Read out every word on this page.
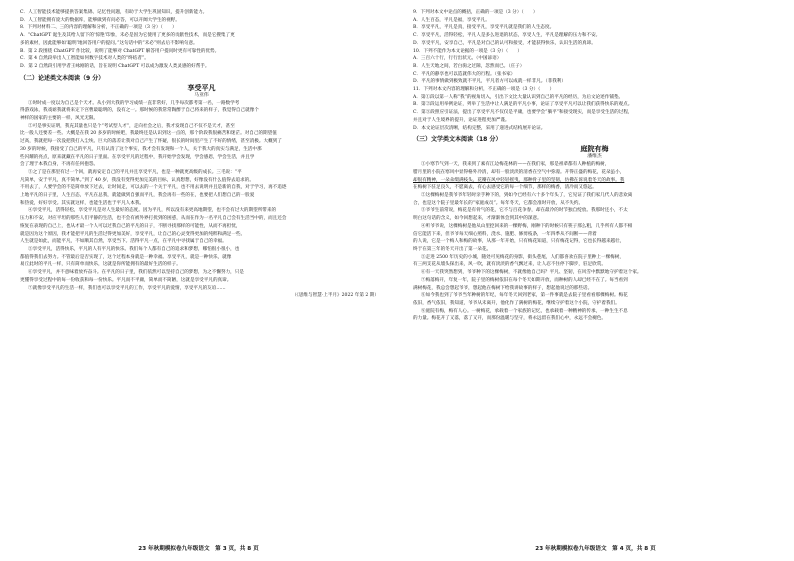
C．人工智能技术能够提供答案集锦、记忆性问题，有助于大学生巩固知识，提升创新能力。
D．人工智能拥有庞大的数据库，能够做到有问必答，可以开阔大学生的视野。
8．下列对材料二、三的内容的理解和分析，不正确的一项是（3 分）（　　）
A．“ChatGPT 诞生及其给人留下的‘惊艳’印象，未必是因为它使用了更多的贡献性技术，而是它搜集了更
多的素材，因此能够如‘聪明’地回答用户的提问。”这句话中的“未必”则去后不影响句意。
B．第 2 段围绕 ChatGPT 作比较，说明了能够对 ChatGPT 解答用户提问时更有可靠性的优势。
C．第 4 自然段举出人工智能如何数字技术对人类的“终结者”。
D．第 2 自然段引用学者王咏刚的话，旨在说明 ChatGPT 可以成为激发人类灵感的好帮手。
（二）论述类文本阅读（9 分）
享受平凡
马亚伟
①时时成一度以为自己是个天才。从小到大我的学习成绩一直非常好，几乎每次都考第一名，一路数学考
得游戏泳，我戏谑我就将来定下宫曹最聪明的，没有之一。那时候的我常常陶醉于自己将来的样子，我觉得自己就像个
神样的国家的主要的一样，风光无限。
②可是事实证明，我充其量也只是个“考试型人才”，走向社会之后，我才发现自己不仅不是天才，甚至
比一般人还要差一些。大概是在我 20 多岁的时候吧，我最终还是认识到这一点的，那个阶段我很痛苦和迷茫。对自己的期望值
过高，我就把每一次没把我打入尘埃。巨大的落差让我对自己产生了怀疑，很长的时间里产生了不好的情绪，甚至消极。大概到了
30 岁的时候，我接受了自己的平凡，只有认清了这个事实，我才会有发现和一个人，关于我大的真实与满足，生活中那
些闪耀的亮点，原来就藏在平凡的日子里面。在享受平凡的过程中，我开始学会发现，学会感恩，学会生活，并且学
会了理于本我自身，不再有任何抱怨。
③之了是在那里有过一个回，就再安定自己的平凡并且享受平凡，也是一种就更高级的成长。三毛说：“平
凡简单，安于平凡，真不简单。”到了 40 岁，我没有变得更加完美的目标，认真想想，好像没有什么值得去追求的。
不用去了，人要学会的不是简单放下过去，让时间走，可以去的一个关于平凡，也不用去说明并且是新的自我，对于学习，再不追逐
上地平凡的日子里，人生百态，平凡在总我，就能做到自强而平凡，我会再有一些的在，也要把人们想自己的一股爱
和热爱，好好享受。其实就这样，也能生活也于平凡人本我。
④享受平凡，活得轻松，享受平凡是对人生最好的态度。因为平凡，所以没有来更高地期望，也不会有过大的期望所带来的
压力和不安，对应平坦的那些人们平静的生活，也不会有被外界打扰到的困惑，从而在作为一名平凡自己会有生活当中的，而且还会
恢复在表现的自己上，也从才最一个人可以过我自己的平凡的日子，不断寻找那样的可能性，从而不再担忧，
就是因为这个原因，我才能把平凡的生活过得更加美好，享受平凡，让自己的心灵变得更加的纯粹和满足一些。
人生就是如此，而能平凡，不如顺其自然，享受当下。活得平凡一点，在平凡中寻找属于自己的幸福。
⑤享受平凡，活得快乐，平凡的人有平凡的快乐。我们每个人都有自己的追求和梦想，哪怕很小很小，也
都值得我们去努力。不管最后是否实现了，这个过程本身就是一种幸福。享受平凡，就是一种快乐，就像
易丘此时的平凡一样，只有简单而快乐，这就是你所能拥有的最好生活的样子。
⑥享受平凡，并不意味着放弃奋斗。在平凡的日子里，我们依然可以坚持自己的梦想，为之不懈努力，只是
更懂得享受过程中的每一份收获和每一份快乐。平凡而不平庸，简单而不简陋，这就是享受平凡的真谛。
⑦就像享受平凡的生活一样，我们也可以享受平凡的工作，享受平凡的爱情，享受平凡的友谊……
（《思维与智慧·上半月》2022 年第 2 期）
23 年秋期模拟卷九年级语文　第 3 页，共 8 页
9．下列对本文中论点的概括，正确的一项是（3 分）（　　）
A．人生百态，平凡是福，享受平凡。
B．享受平凡，平凡是真，接受平凡，享受平凡就是我们的人生态度。
C．享受平凡，活得轻松，平凡人是多么进退的状态，享受人生，平凡是理解的压力和不安。
D．享受平凡，安享自己，平凡是对自己的认可和接受，才能获得快乐，认识生活的真谛。
10．下列不能作为本文论据的一项是（3 分）（　　）
A．三百六十行，行行出状元。（中国谚语）
B．人生天地之间，若白驹之过隙，忽然而已。（庄子）
C．平凡的静享也可以造就伟大的行程。（张书家）
D．平凡的事情做到极致就不平凡，平凡者方可以成就一样非凡。（菲我利）
11．下列对本文内容的理解和分析，不正确的一项是（3 分）（　　）
A．第①段以第一人称“我”的视角切入，引出下文比大量认识到自己的平凡的经历，为后文论述作铺垫。
B．第②段运用举例论证，列举了生活中让人满足的平凡小事，论证了享受平凡可以让我们获得快乐的观点。
C．第⑤段照应引证法，提出了享受平凡不仅仅是平庸，也要学会“躺平”和接受现实，而是享受生活的过程，
并且对于人生境界的提升，论证进程更加严谨。
D．本文论证层次清晰，结构完整，采用了递进式结构展开论证。
（三）文学类文本阅读（18 分）
庭院有梅
潘维杰
①小寒节气到一天，我来到了素有江边梅花林的——在我们家，那是祖辈都有人种植的梅树，
腊月里的小院在寒风中显得格外冷清，却有一股淡淡的清香在空气中弥漫。开得正盛的梅花，花朵虽小，
却很有精神，一朵朵缀满枝头，花瓣在风中轻轻摇曳，那种骨子里的坚韧，仿佛在诉说着冬天的故事。我
在梅树下驻足良久，不愿离去，有心去感受它的每一个细节，那样的梅香，清冷而又悠远。
②这棵梅树是我爷爷年轻时亲手种下的，到如今已经有六十多个年头了，它见证了我们家几代人的悲欢离
合，也是这个院子里最年长的“家庭成员”。每年冬天，它都会准时开放，从不失约。
③爷爷生前常说，梅花是有骨气的花，它不与百花争春，却在最冷的时节独自绽放。我那时还小，不太
明白这句话的含义，如今回想起来，才渐渐体会到其中的深意。
④听爷爷说，这棵梅树是他从山里挖回来的一棵野梅，刚种下的时候只有筷子那么粗，几乎所有人都不相
信它能活下来，但爷爷每天细心照料，浇水、施肥、修剪枝条，一年四季从不间断——背着
的人说，它是一个梅人和梅的故事，从那一年开始，只有梅花知道，只有梅花记得，它也长得越来越壮，
终于在第三年的冬天开出了第一朵花。
⑤走进 2500 年历史的小城，随处可见梅花的身影，街头巷尾，人们都喜欢在院子里种上一棵梅树，
有三两支花从墙头探出来，风一吹，就有淡淡的香气飘过来，让人忍不住停下脚步，驻足欣赏。
⑥有一天我突然想到，爷爷种下的这棵梅树，不就像他自己吗？平凡、坚韧，在风雪中默默地守护着这个家。
⑦梅落梅开，年复一年，院子里的梅树依旧在每个冬天如期开放，而种树的人却已经不在了。每当看到
满树梅花，我总会想起爷爷，想起他在梅树下给我讲故事的样子，想起他说过的那些话。
⑧如今我也到了爷爷当年种树的年纪，每年冬天回到老家，第一件事就是去院子里看看那棵梅树。梅花
依旧，香气依旧，我知道，爷爷从未离开，他化作了满树的梅花，继续守护着这个小院，守护着我们。
⑨庭院有梅，梅有人心。一树梅花，承载着一个家族的记忆，也承载着一种精神的传承，一种生生不息
的力量。梅花开了又落，落了又开，而那份温暖与坚守，将永远留在我们心中，永远不会褪色。
23 年秋期模拟卷九年级语文　第 4 页，共 8 页
